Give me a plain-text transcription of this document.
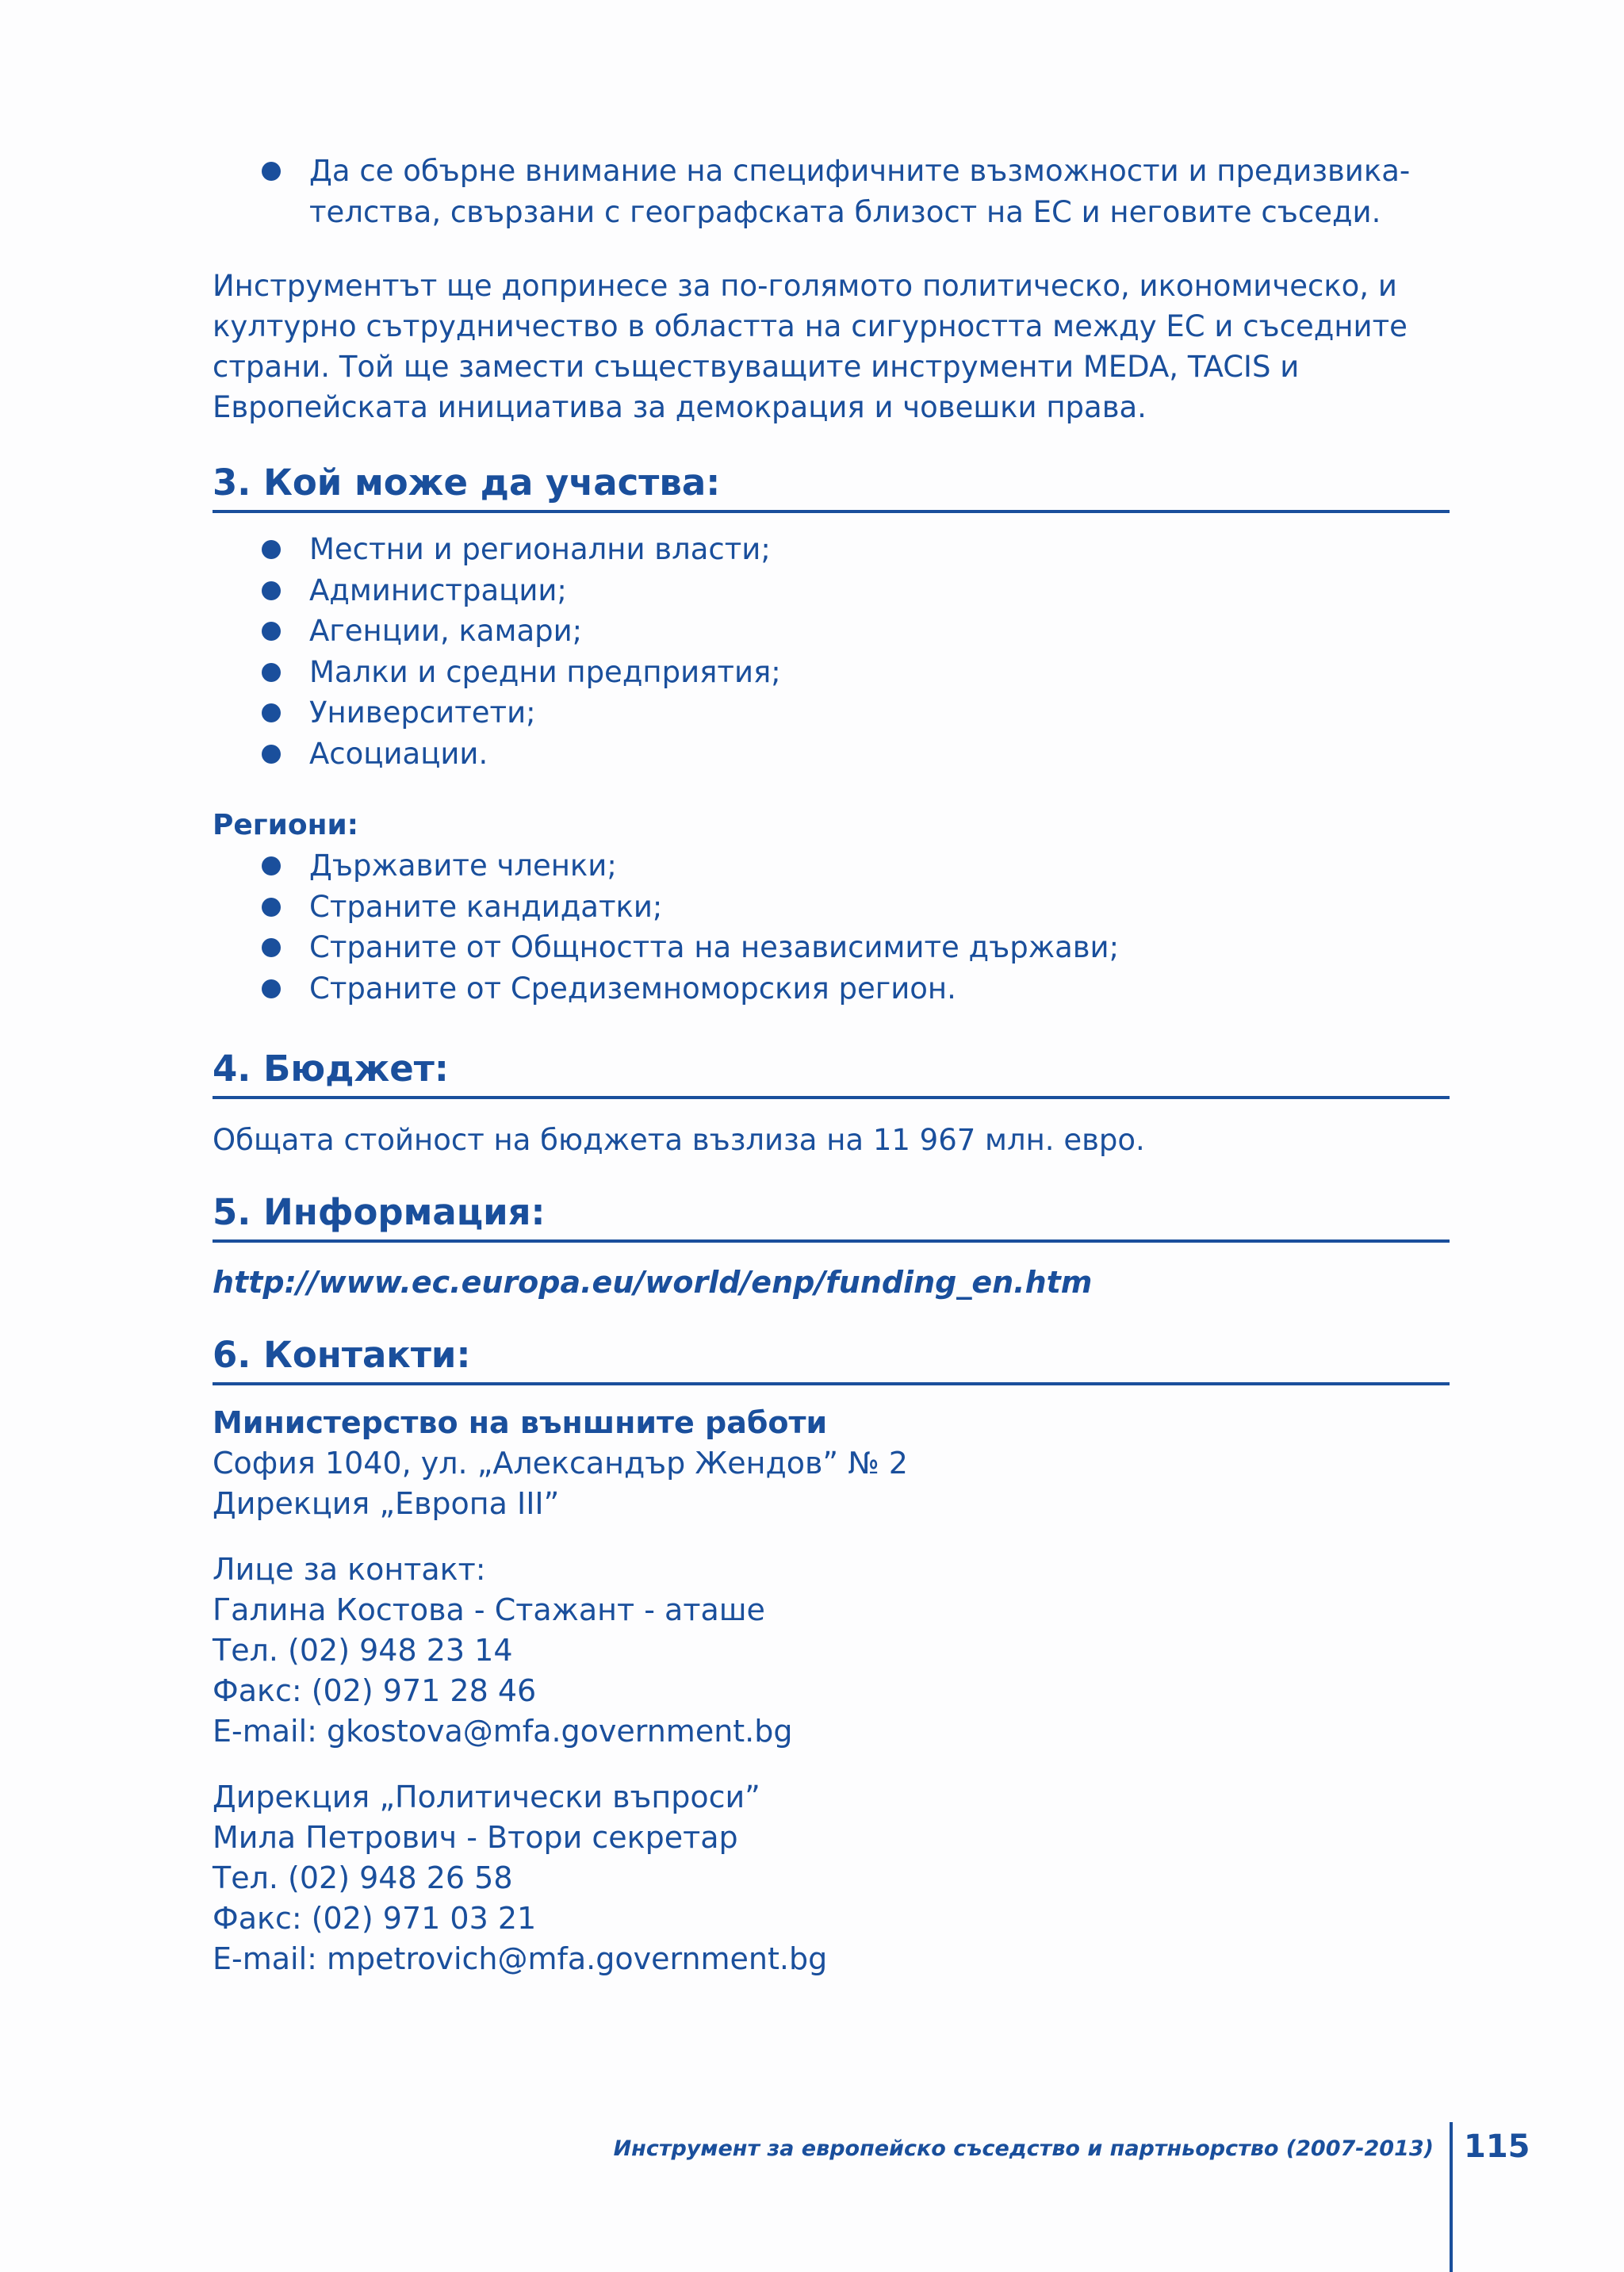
Да се обърне внимание на специфичните възможности и предизвика-
телства, свързани с географската близост на ЕС и неговите съседи.

Инструментът ще допринесе за по-голямото политическо, икономическо, и културно сътрудничество в областта на сигурността между ЕС и съседните страни. Той ще замести съществуващите инструменти MEDA, TACIS и Европейската инициатива за демокрация и човешки права.

3. Кой може да участва:
Местни и регионални власти;
Администрации;
Агенции, камари;
Малки и средни предприятия;
Университети;
Асоциации.

Региони:

Държавите членки;
Страните кандидатки;
Страните от Общността на независимите държави;
Страните от Средиземноморския регион.
4. Бюджет:

Общата стойност на бюджета възлиза на 11 967 млн. евро.

5. Информация:

http://www.ec.europa.eu/world/enp/funding_en.htm

6. Контакти:
Министерство на външните работи
София 1040, ул. „Александър Жендов” № 2
Дирекция „Европа III”
Лице за контакт:
Галина Костова - Стажант - аташе
Тел. (02) 948 23 14
Факс: (02) 971 28 46
E-mail: gkostova@mfa.government.bg
Дирекция „Политически въпроси”
Мила Петрович - Втори секретар
Тел. (02) 948 26 58
Факс: (02) 971 03 21
E-mail: mpetrovich@mfa.government.bg
Инструмент за европейско съседство и партньорство (2007-2013) 115
